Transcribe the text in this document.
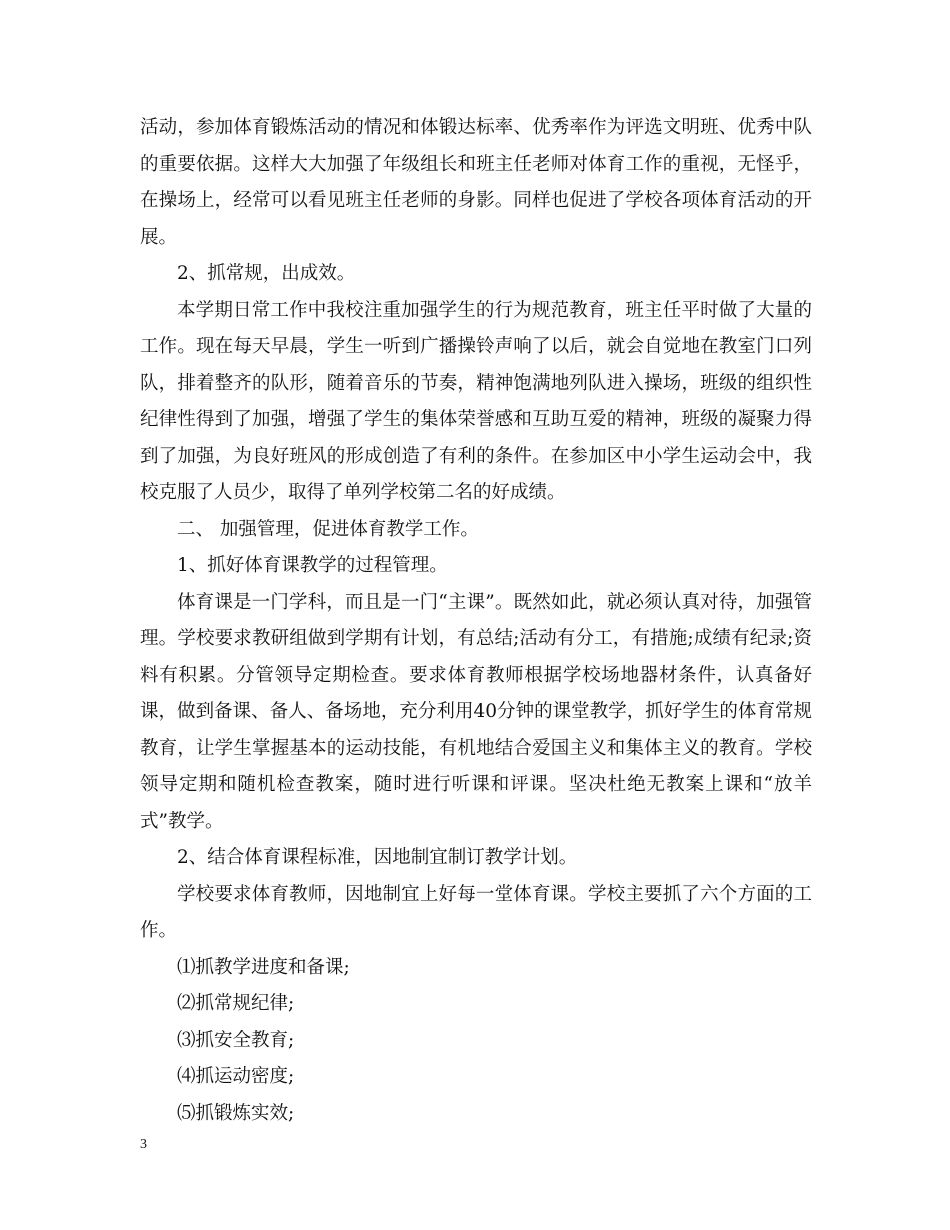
活动，参加体育锻炼活动的情况和体锻达标率、优秀率作为评选文明班、优秀中队的重要依据。这样大大加强了年级组长和班主任老师对体育工作的重视，无怪乎，在操场上，经常可以看见班主任老师的身影。同样也促进了学校各项体育活动的开展。

2、抓常规，出成效。

本学期日常工作中我校注重加强学生的行为规范教育，班主任平时做了大量的工作。现在每天早晨，学生一听到广播操铃声响了以后，就会自觉地在教室门口列队，排着整齐的队形，随着音乐的节奏，精神饱满地列队进入操场，班级的组织性纪律性得到了加强，增强了学生的集体荣誉感和互助互爱的精神，班级的凝聚力得到了加强，为良好班风的形成创造了有利的条件。在参加区中小学生运动会中，我校克服了人员少，取得了单列学校第二名的好成绩。

二、 加强管理，促进体育教学工作。

1、抓好体育课教学的过程管理。

体育课是一门学科，而且是一门“主课”。既然如此，就必须认真对待，加强管理。学校要求教研组做到学期有计划，有总结;活动有分工，有措施;成绩有纪录;资料有积累。分管领导定期检查。要求体育教师根据学校场地器材条件，认真备好课，做到备课、备人、备场地，充分利用40分钟的课堂教学，抓好学生的体育常规教育，让学生掌握基本的运动技能，有机地结合爱国主义和集体主义的教育。学校领导定期和随机检查教案，随时进行听课和评课。坚决杜绝无教案上课和“放羊式”教学。

2、结合体育课程标准，因地制宜制订教学计划。

学校要求体育教师，因地制宜上好每一堂体育课。学校主要抓了六个方面的工作。

⑴抓教学进度和备课;

⑵抓常规纪律;

⑶抓安全教育;

⑷抓运动密度;

⑸抓锻炼实效;

3
